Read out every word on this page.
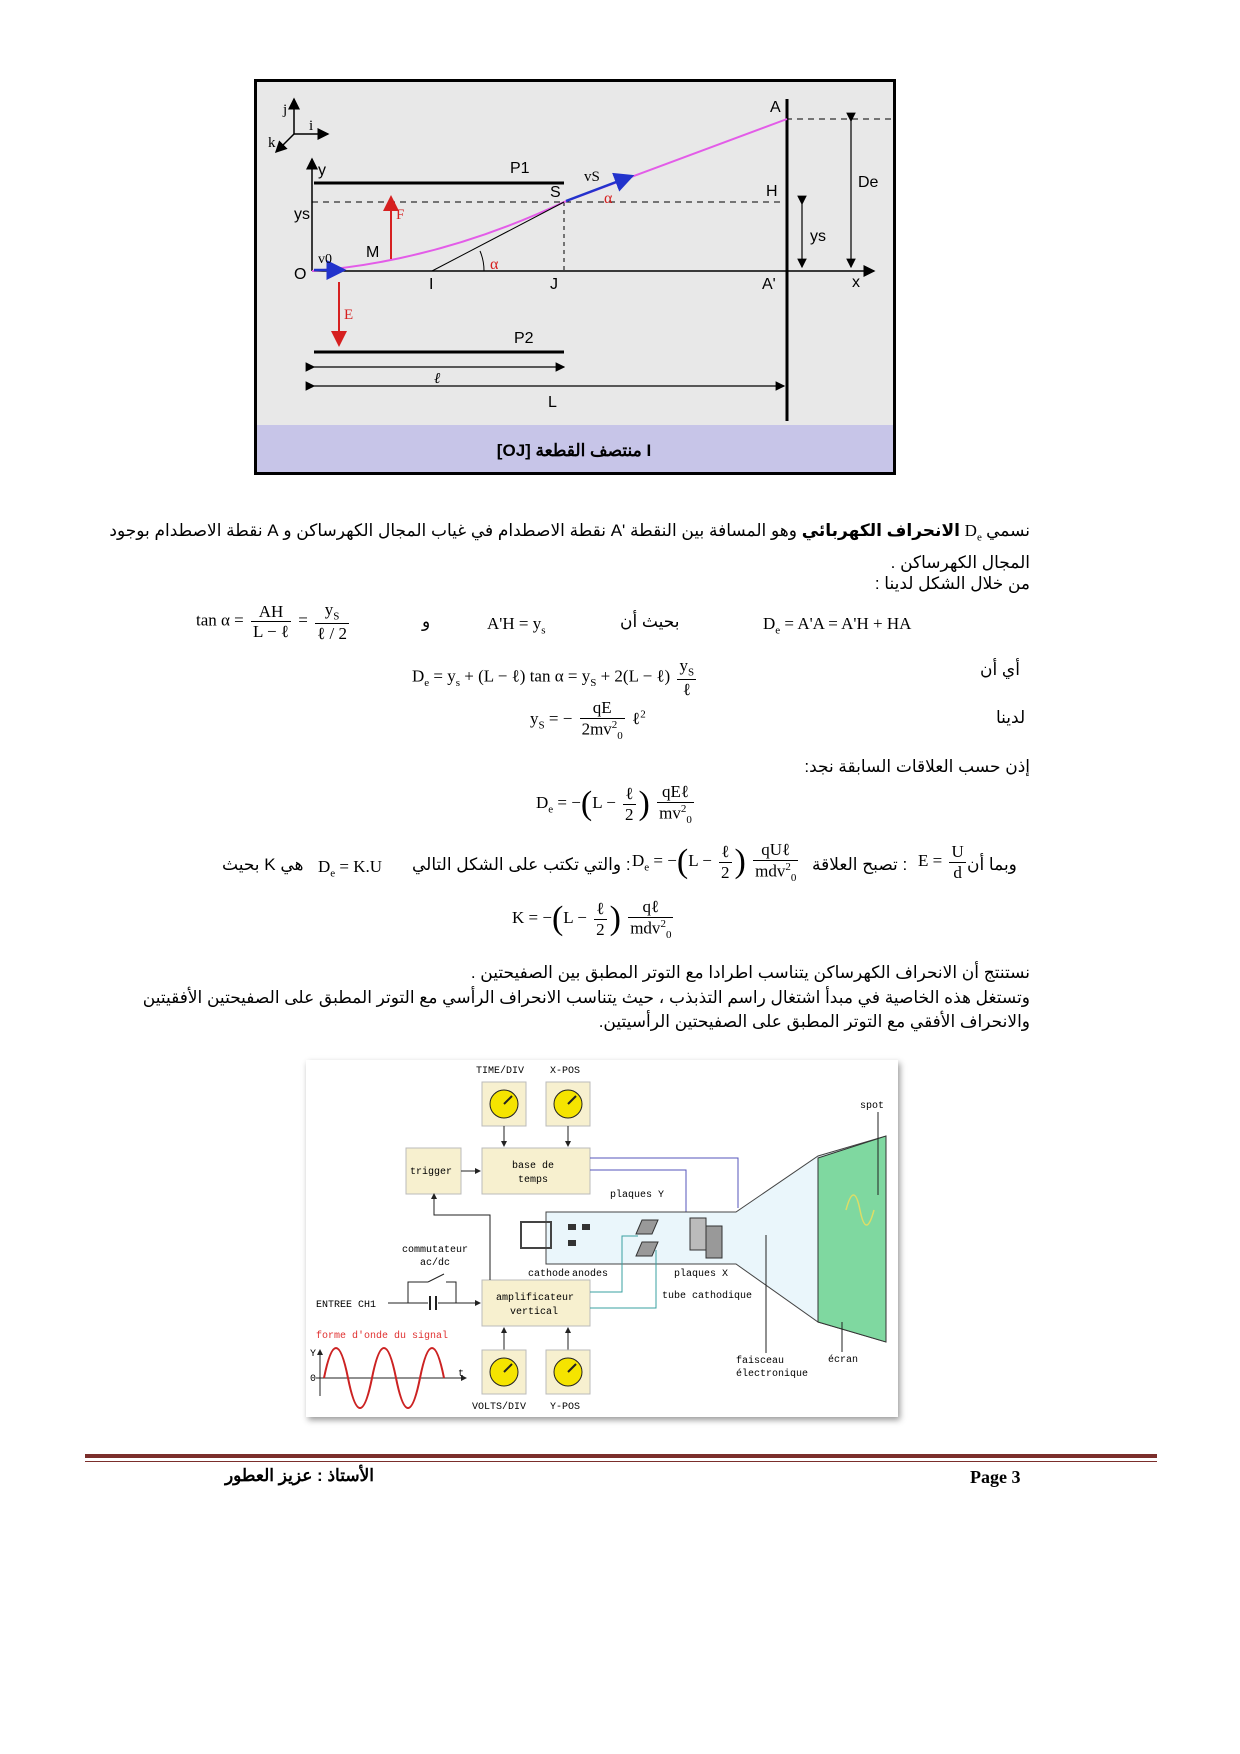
j
i
k
y
x
ys
O
P1
P2
A
H
A'
De
ys
α
α
v0
F
E
vS
M
S
I	J
ℓ
L
I منتصف القطعة [OJ]
نسمي $D_e$ الانحراف الكهربائي وهو المسافة بين النقطة 'A نقطة الاصطدام في غياب المجال الكهرساكن و A نقطة الاصطدام بوجود المجال الكهرساكن .
من خلال الشكل لدينا :
$D_e = A'A = A'H$ + HA
بحيث أن
$A'H = y_s$
و
$\tan \alpha = \frac{AH}{\text{L − ℓ}} = \frac{y_S}{\text{ℓ / 2}}$
أي أن
$D_e = y_s + (L$ − ℓ) $\tan \alpha = y_S + 2(L$ − ℓ) $\frac{y_S}{\text{ℓ}}$
لدينا
$y_S$ = − $\frac{qE}{2mv^2_0}$ ℓ$^2$
إذن حسب العلاقات السابقة نجد:
$D_e = -(L - \frac{\text{ℓ}}{2}$ ) $\frac{\text{qEℓ}}{mv^2_0}$
وبما أن
$E = \frac{U}{d}$
تصبح العلاقة :
$D_e = -(L - \frac{\text{ℓ}}{2}$ ) $\frac{\text{qUℓ}}{mdv^2_0}$
والتي تكتب على الشكل التالي :
$D_e = K.U$
بحيث K هي
$K = -(L - \frac{\text{ℓ}}{2}$ ) $\frac{\text{qℓ}}{mdv^2_0}$
نستنتج أن الانحراف الكهرساكن يتناسب اطرادا مع التوتر المطبق بين الصفيحتين .
وتستغل هذه الخاصية في مبدأ اشتغال راسم التذبذب ، حيث يتناسب الانحراف الرأسي مع التوتر المطبق على الصفيحتين الأفقيتين والانحراف الأفقي مع التوتر المطبق على الصفيحتين الرأسيتين.
TIME/DIV	X-POS
trigger
base de
temps
plaques Y
cathode anodes	plaques X
tube cathodique
commutateur
ac/dc
ENTREE CH1
amplificateur
vertical
VOLTS/DIV Y-POS
forme d'onde du signal
Y
0	t
spot
faisceau
électronique
écran
Page 3
الأستاذ : عزيز العطور
